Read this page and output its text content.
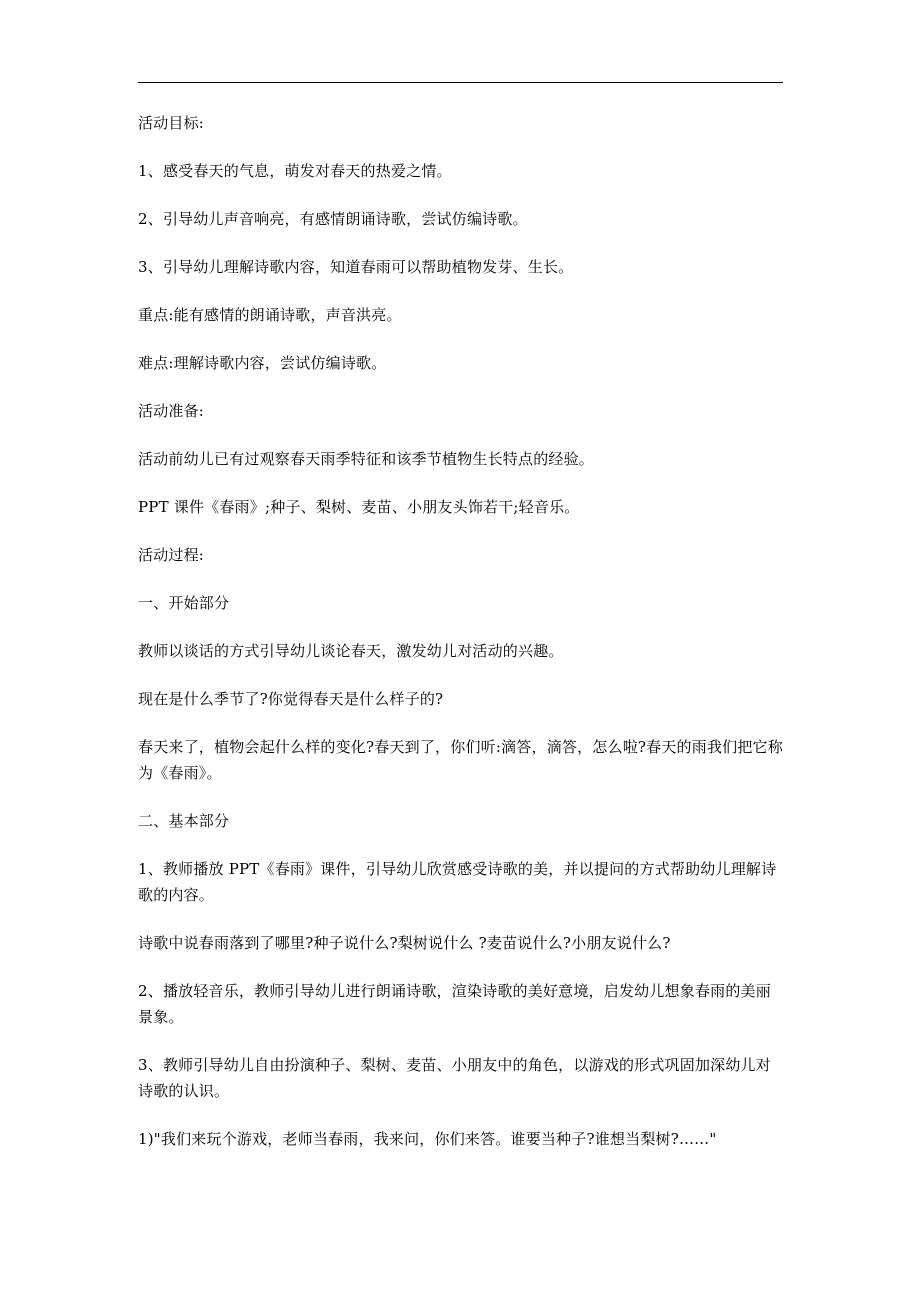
活动目标:

1、感受春天的气息，萌发对春天的热爱之情。

2、引导幼儿声音响亮，有感情朗诵诗歌，尝试仿编诗歌。

3、引导幼儿理解诗歌内容，知道春雨可以帮助植物发芽、生长。

重点:能有感情的朗诵诗歌，声音洪亮。

难点:理解诗歌内容，尝试仿编诗歌。

活动准备:

活动前幼儿已有过观察春天雨季特征和该季节植物生长特点的经验。

PPT 课件《春雨》;种子、梨树、麦苗、小朋友头饰若干;轻音乐。

活动过程:

一、开始部分

教师以谈话的方式引导幼儿谈论春天，激发幼儿对活动的兴趣。

现在是什么季节了?你觉得春天是什么样子的?

春天来了，植物会起什么样的变化?春天到了，你们听:滴答，滴答，怎么啦?春天的雨我们把它称为《春雨》。

二、基本部分

1、教师播放 PPT《春雨》课件，引导幼儿欣赏感受诗歌的美，并以提问的方式帮助幼儿理解诗歌的内容。

诗歌中说春雨落到了哪里?种子说什么?梨树说什么 ?麦苗说什么?小朋友说什么?

2、播放轻音乐，教师引导幼儿进行朗诵诗歌，渲染诗歌的美好意境，启发幼儿想象春雨的美丽景象。

3、教师引导幼儿自由扮演种子、梨树、麦苗、小朋友中的角色，以游戏的形式巩固加深幼儿对诗歌的认识。

1)"我们来玩个游戏，老师当春雨，我来问，你们来答。谁要当种子?谁想当梨树?……"
